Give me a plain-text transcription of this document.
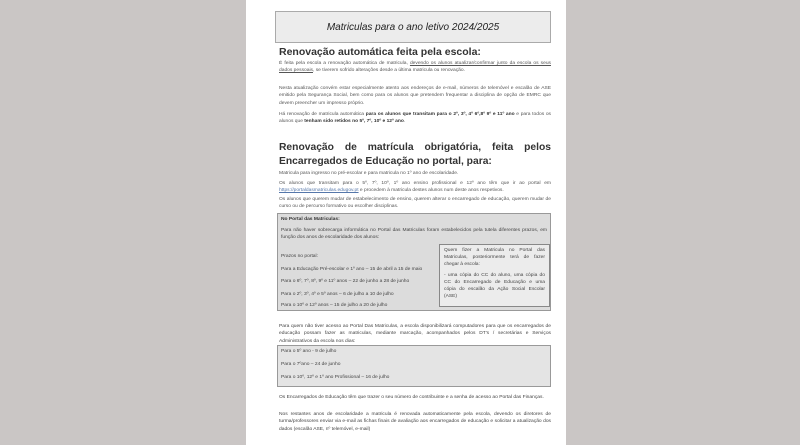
Matriculas para o ano letivo 2024/2025
Renovação automática feita pela escola:
É feita pela escola a renovação automática de matricula, devendo os alunos atualizar/confirmar junto da escola os seus dados pessoais, se tiverem sofrido alterações desde a última matricula ou renovação.
Nesta atualização convém estar especialmente atento aos endereços de e-mail, números de telemóvel e escalão de ASE emitido pela Segurança Social, bem como para os alunos que pretendem frequentar a disciplina de opção de EMRC que devem preencher um impresso próprio.
Há renovação de matricula automática para os alunos que transitam para o 2º, 3º, 4º 6º,8º 9º e 11º ano e para todos os alunos que tenham sido retidos no 5º, 7º, 10º e 12º ano.
Renovação de matrícula obrigatória, feita pelos Encarregados de Educação no portal, para:
Matricula para ingresso no pré-escolar e para matricula no 1º ano de escolaridade.
Os alunos que transitam para o 5º, 7º, 10º, 1º ano ensino profissional e 12º ano têm que ir ao portal em https://portaldasmatriculas.edugov.pt e procedem à matricula destes alunos num deste anos respetivos.
Os alunos que querem mudar de estabelecimento de ensino, querem alterar o encarregado de educação, querem mudar de curso ou de percurso formativo ou escolher disciplinas.
No Portal das Matriculas:
Para não haver sobrecarga informática no Portal das Matriculas foram estabelecidos pela tutela diferentes prazos, em função dos anos de escolaridade dos alunos:
Prazos no portal:
Para a Educação Pré-escolar e 1º ano – 15 de abril a 15 de maio
Para o 6º, 7º, 8º, 9º e 11º anos – 22 de junho a 28 de junho
Para o 2º, 3º, 4º e 5º anos – 6 de julho a 10 de julho
Para o 10º e 12º anos – 15 de julho a 20 de julho
Quem fizer a Matricula no Portal das Matriculas, posteriormente terá de fazer chegar à escola:
- uma cópia do CC do aluno, uma cópia do CC do Encarregado de Educação e uma cópia do escalão da Ação Social Escolar (ASE)
Para quem não tiver acesso ao Portal Das Matriculas, a escola disponibilizará computadores para que os encarregados de educação possam fazer as matriculas, mediante marcação, acompanhados pelos DT's / secretárias e Serviços Administrativos da escola nos dias:
Para o 5º ano - 9 de julho
Para o 7ºano – 24 de junho
Para o 10º, 12º e 1º ano Profissional – 16 de julho
Os Encarregados de Educação têm que trazer o seu número de contribuinte e a senha de acesso ao Portal das Finanças.
Nos restantes anos de escolaridade a matricula é renovada automaticamente pela escola, devendo os diretores de turma/professores enviar via e-mail as fichas finais de avaliação aos encarregados de educação e solicitar a atualização dos dados (escalão ASE, nº telemóvel, e-mail)
